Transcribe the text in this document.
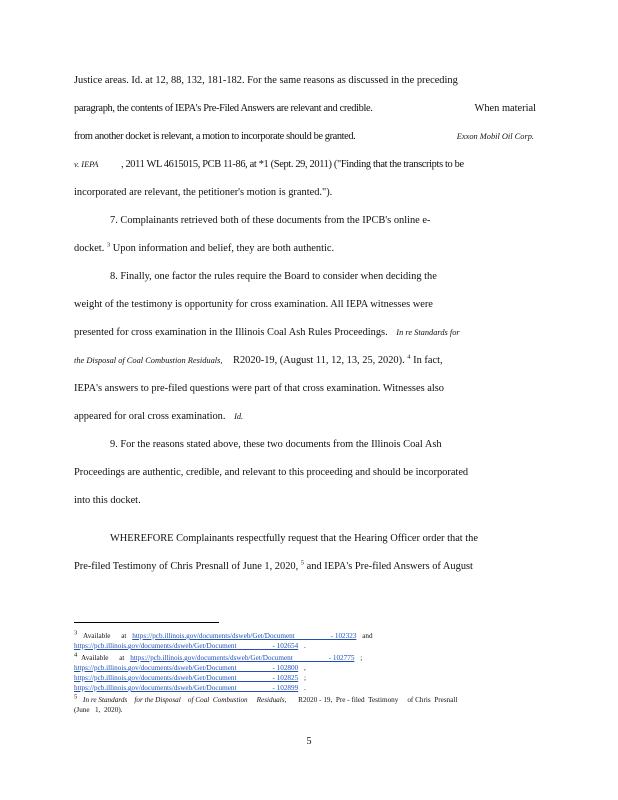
Justice areas. Id. at 12, 88, 132, 181-182. For the same reasons as discussed in the preceding
paragraph, the contents of IEPA's Pre-Filed Answers are relevant and credible.	When material
from another docket is relevant, a motion to incorporate should be granted.	Exxon Mobil Oil Corp.
v. IEPA , 2011 WL 4615015, PCB 11-86, at *1 (Sept. 29, 2011) ("Finding that the transcripts to be
incorporated are relevant, the petitioner's motion is granted.").
7. Complainants retrieved both of these documents from the IPCB's online e-
docket. $^3$ Upon information and belief, they are both authentic.
8. Finally, one factor the rules require the Board to consider when deciding the
weight of the testimony is opportunity for cross examination. All IEPA witnesses were
presented for cross examination in the Illinois Coal Ash Rules Proceedings. In re Standards for
the Disposal of Coal Combustion Residuals, R2020-19, (August 11, 12, 13, 25, 2020). $^4$ In fact,
IEPA's answers to pre-filed questions were part of that cross examination. Witnesses also
appeared for oral cross examination. Id.
9. For the reasons stated above, these two documents from the Illinois Coal Ash
Proceedings are authentic, credible, and relevant to this proceeding and should be incorporated
into this docket.
WHEREFORE Complainants respectfully request that the Hearing Officer order that the
Pre-filed Testimony of Chris Presnall of June 1, 2020, $^5$ and IEPA's Pre-filed Answers of August
$^3$ Available      at https://pcb.illinois.gov/documents/dsweb/Get/Document                    - 102323 and
https://pcb.illinois.gov/documents/dsweb/Get/Document                    - 102654 .
$^4$ Available      at https://pcb.illinois.gov/documents/dsweb/Get/Document                    - 102775 ;
https://pcb.illinois.gov/documents/dsweb/Get/Document                    - 102800 ,
https://pcb.illinois.gov/documents/dsweb/Get/Document                    - 102825 ;
https://pcb.illinois.gov/documents/dsweb/Get/Document                    - 102899 .
$^5$ In re Standards    for the Disposal    of Coal  Combustion     Residuals, R2020 - 19,  Pre - filed  Testimony     of Chris  Presnall
(June   1,  2020).
5
